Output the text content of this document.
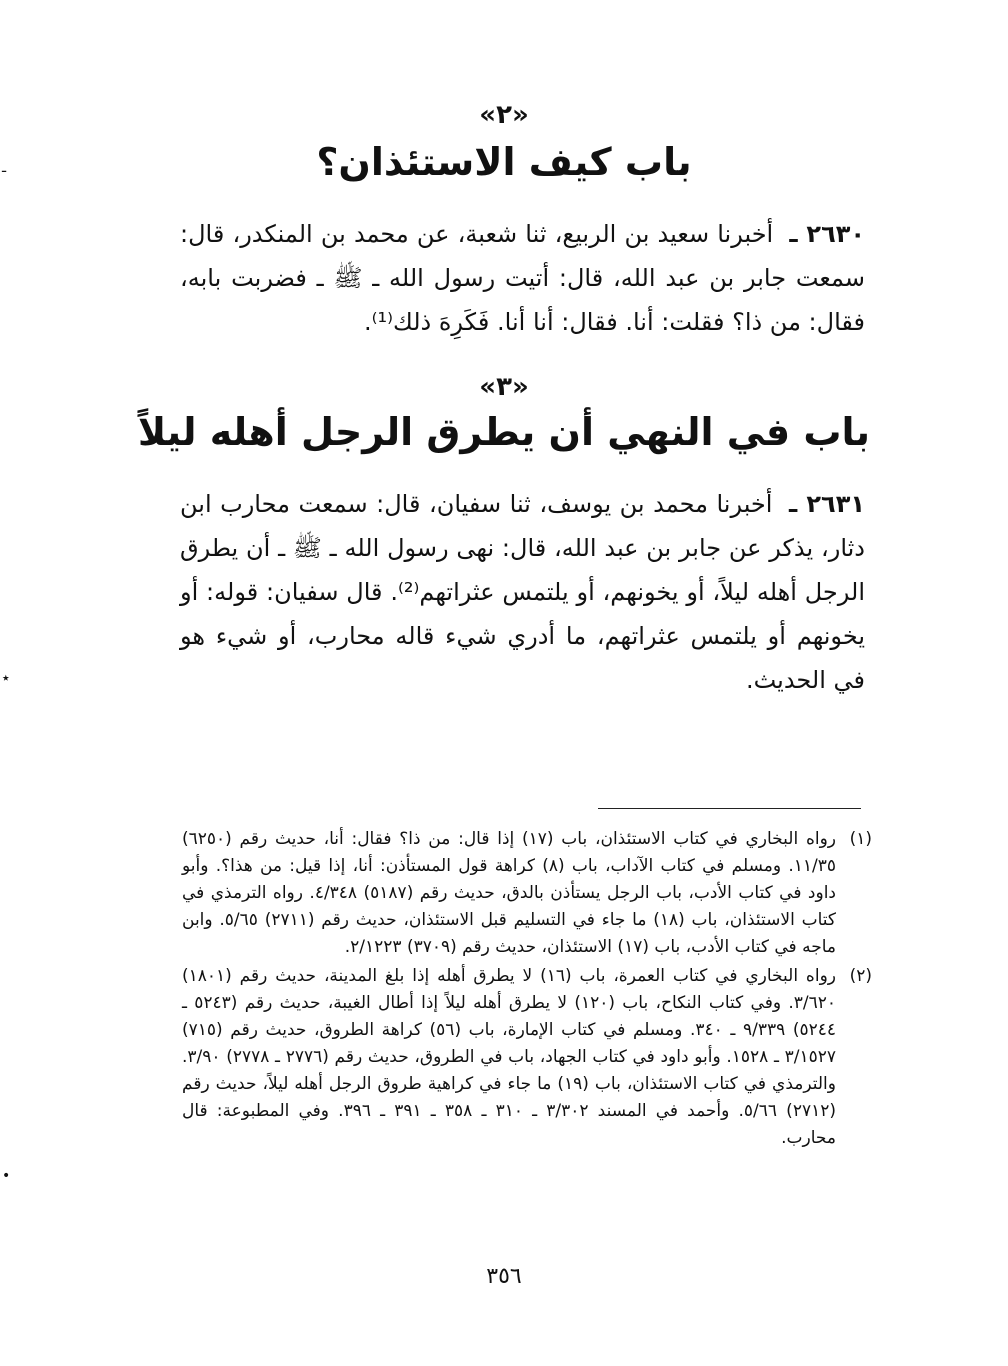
«٢»
باب كيف الاستئذان؟
٢٦٣٠ ـ أخبرنا سعيد بن الربيع، ثنا شعبة، عن محمد بن المنكدر، قال: سمعت جابر بن عبد الله، قال: أتيت رسول الله ـ ﷺ ـ فضربت بابه، فقال: من ذا؟ فقلت: أنا. فقال: أنا أنا. فَكَرِهَ ذلك⁽¹⁾.
«٣»
باب في النهي أن يطرق الرجل أهله ليلاً
٢٦٣١ ـ أخبرنا محمد بن يوسف، ثنا سفيان، قال: سمعت محارب ابن دثار، يذكر عن جابر بن عبد الله، قال: نهى رسول الله ـ ﷺ ـ أن يطرق الرجل أهله ليلاً، أو يخونهم، أو يلتمس عثراتهم⁽²⁾. قال سفيان: قوله: أو يخونهم أو يلتمس عثراتهم، ما أدري شيء قاله محارب، أو شيء هو في الحديث.
(١)
رواه البخاري في كتاب الاستئذان، باب (١٧) إذا قال: من ذا؟ فقال: أنا، حديث رقم (٦٢٥٠) ١١/٣٥. ومسلم في كتاب الآداب، باب (٨) كراهة قول المستأذن: أنا، إذا قيل: من هذا؟. وأبو داود في كتاب الأدب، باب الرجل يستأذن بالدق، حديث رقم (٥١٨٧) ٤/٣٤٨. رواه الترمذي في كتاب الاستئذان، باب (١٨) ما جاء في التسليم قبل الاستئذان، حديث رقم (٢٧١١) ٥/٦٥. وابن ماجه في كتاب الأدب، باب (١٧) الاستئذان، حديث رقم (٣٧٠٩) ٢/١٢٢٣.
(٢)
رواه البخاري في كتاب العمرة، باب (١٦) لا يطرق أهله إذا بلغ المدينة، حديث رقم (١٨٠١) ٣/٦٢٠. وفي كتاب النكاح، باب (١٢٠) لا يطرق أهله ليلاً إذا أطال الغيبة، حديث رقم (٥٢٤٣ ـ ٥٢٤٤) ٩/٣٣٩ ـ ٣٤٠. ومسلم في كتاب الإمارة، باب (٥٦) كراهة الطروق، حديث رقم (٧١٥) ٣/١٥٢٧ ـ ١٥٢٨. وأبو داود في كتاب الجهاد، باب في الطروق، حديث رقم (٢٧٧٦ ـ ٢٧٧٨) ٣/٩٠. والترمذي في كتاب الاستئذان، باب (١٩) ما جاء في كراهية طروق الرجل أهله ليلاً، حديث رقم (٢٧١٢) ٥/٦٦. وأحمد في المسند ٣/٣٠٢ ـ ٣١٠ ـ ٣٥٨ ـ ٣٩١ ـ ٣٩٦. وفي المطبوعة: قال محارب.
٣٥٦
ـ
٭
•
